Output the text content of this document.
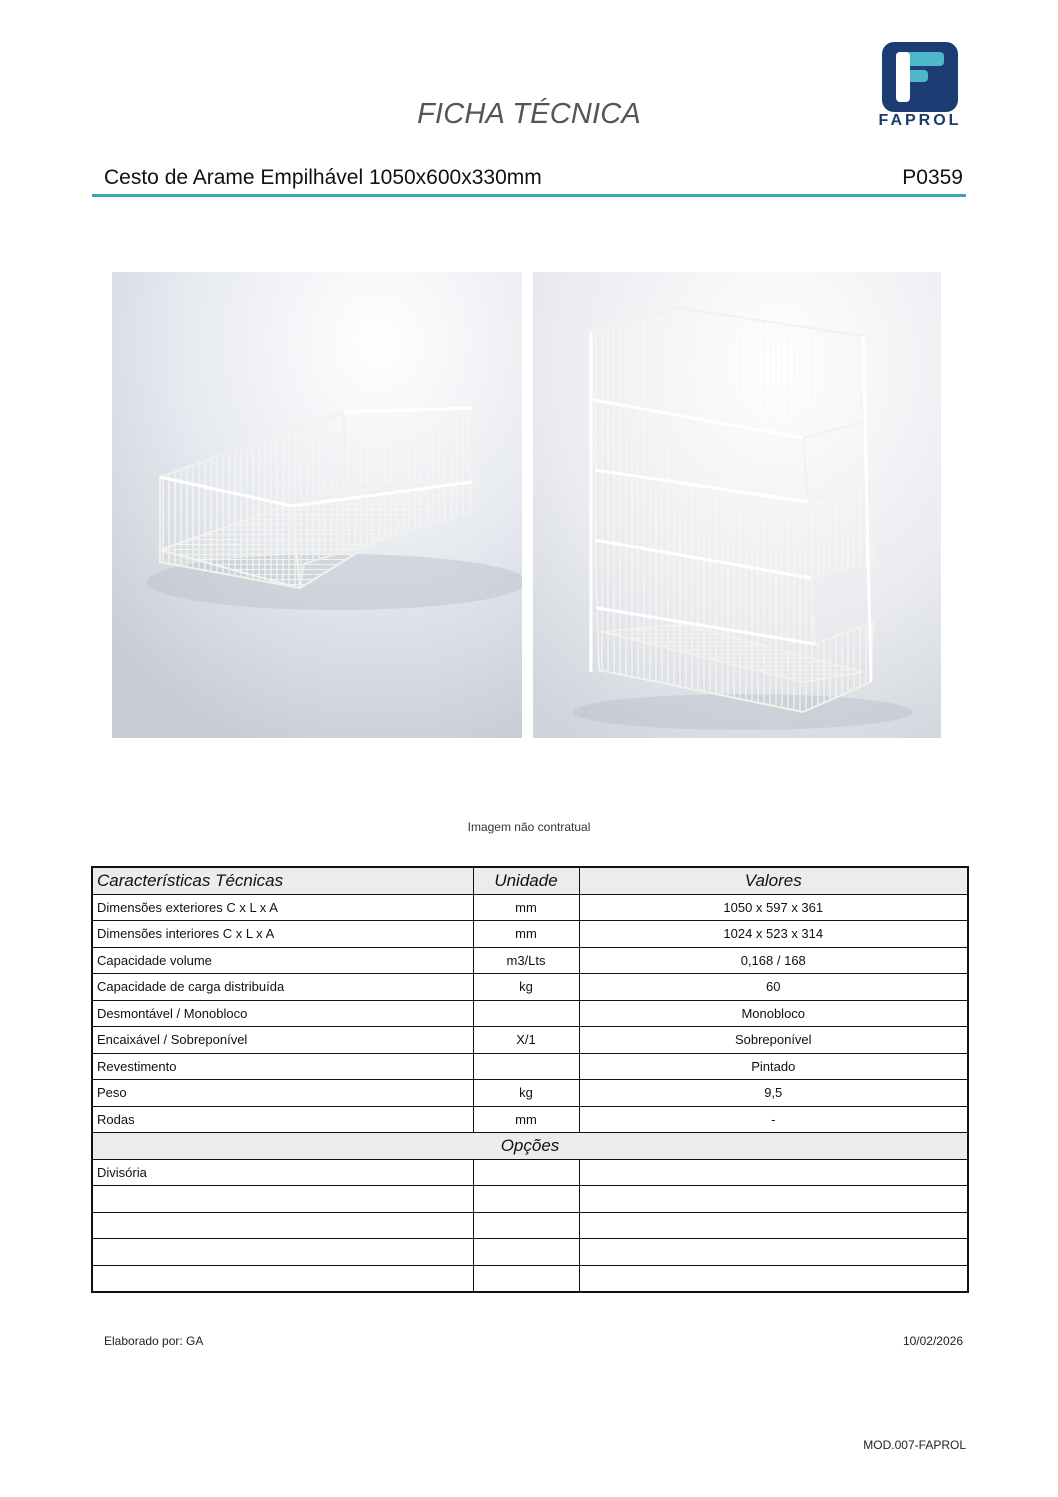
FICHA TÉCNICA	FAPROL
Cesto de Arame Empilhável 1050x600x330mm	P0359
Imagem não contratual
Características Técnicas	Unidade	Valores
Dimensões exteriores C x L x A	mm	1050 x 597 x 361
Dimensões interiores C x L x A	mm	1024 x 523 x 314
Capacidade volume	m3/Lts	0,168 / 168
Capacidade de carga distribuída	kg	60
Desmontável / Monobloco		Monobloco
Encaixável / Sobreponível	X/1	Sobreponível
Revestimento		Pintado
Peso	kg	9,5
Rodas	mm	-
Opções		
Divisória		

Elaborado por: GA	10/02/2026
MOD.007-FAPROL
